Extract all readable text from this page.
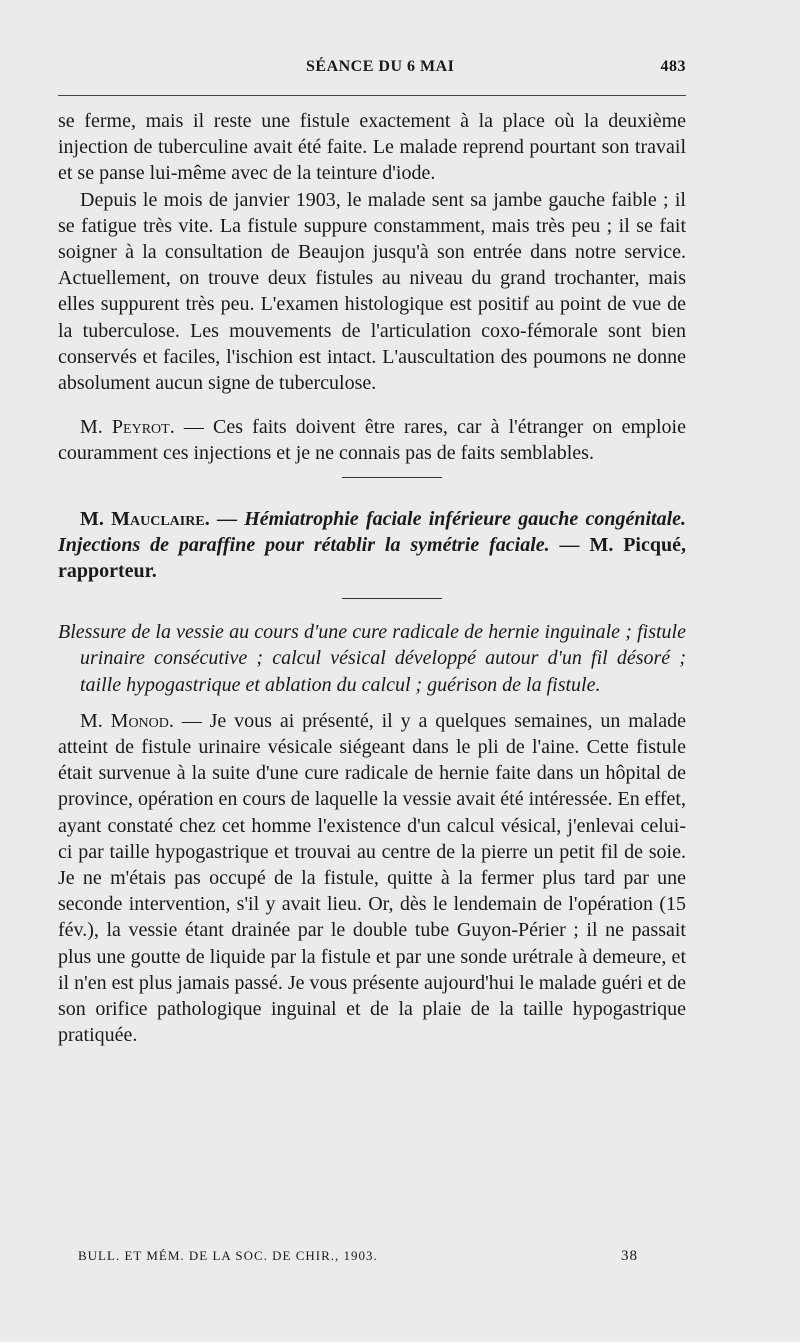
SÉANCE DU 6 MAI	483

se ferme, mais il reste une fistule exactement à la place où la deuxième injection de tuberculine avait été faite. Le malade reprend pourtant son travail et se panse lui-même avec de la teinture d'iode.

Depuis le mois de janvier 1903, le malade sent sa jambe gauche faible ; il se fatigue très vite. La fistule suppure constamment, mais très peu ; il se fait soigner à la consultation de Beaujon jusqu'à son entrée dans notre service. Actuellement, on trouve deux fistules au niveau du grand trochanter, mais elles suppurent très peu. L'examen histologique est positif au point de vue de la tuberculose. Les mouvements de l'articulation coxo-fémorale sont bien conservés et faciles, l'ischion est intact. L'auscultation des poumons ne donne absolument aucun signe de tuberculose.

M. Peyrot. — Ces faits doivent être rares, car à l'étranger on emploie couramment ces injections et je ne connais pas de faits semblables.

M. Mauclaire. — Hémiatrophie faciale inférieure gauche congénitale. Injections de paraffine pour rétablir la symétrie faciale. — M. Picqué, rapporteur.

Blessure de la vessie au cours d'une cure radicale de hernie inguinale ; fistule urinaire consécutive ; calcul vésical développé autour d'un fil désoré ; taille hypogastrique et ablation du calcul ; guérison de la fistule.

M. Monod. — Je vous ai présenté, il y a quelques semaines, un malade atteint de fistule urinaire vésicale siégeant dans le pli de l'aine. Cette fistule était survenue à la suite d'une cure radicale de hernie faite dans un hôpital de province, opération en cours de laquelle la vessie avait été intéressée. En effet, ayant constaté chez cet homme l'existence d'un calcul vésical, j'enlevai celui-ci par taille hypogastrique et trouvai au centre de la pierre un petit fil de soie. Je ne m'étais pas occupé de la fistule, quitte à la fermer plus tard par une seconde intervention, s'il y avait lieu. Or, dès le lendemain de l'opération (15 fév.), la vessie étant drainée par le double tube Guyon-Périer ; il ne passait plus une goutte de liquide par la fistule et par une sonde urétrale à demeure, et il n'en est plus jamais passé. Je vous présente aujourd'hui le malade guéri et de son orifice pathologique inguinal et de la plaie de la taille hypogastrique pratiquée.

BULL. ET MÉM. DE LA SOC. DE CHIR., 1903.	38
